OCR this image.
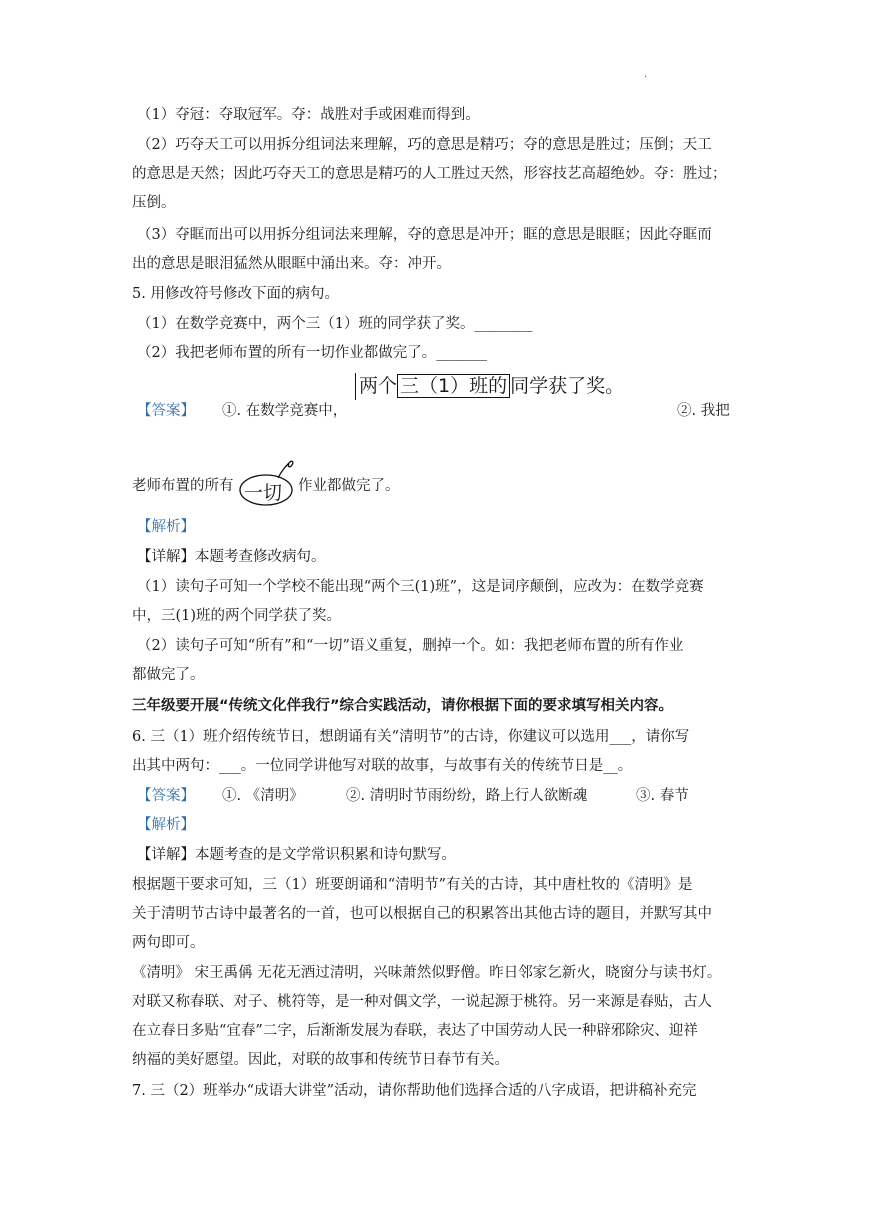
·
（1）夺冠：夺取冠军。夺：战胜对手或困难而得到。
（2）巧夺天工可以用拆分组词法来理解，巧的意思是精巧；夺的意思是胜过；压倒；天工
的意思是天然；因此巧夺天工的意思是精巧的人工胜过天然，形容技艺高超绝妙。夺：胜过；
压倒。
（3）夺眶而出可以用拆分组词法来理解，夺的意思是冲开；眶的意思是眼眶；因此夺眶而
出的意思是眼泪猛然从眼眶中涌出来。夺：冲开。
5. 用修改符号修改下面的病句。
（1）在数学竞赛中，两个三（1）班的同学获了奖。________
（2）我把老师布置的所有一切作业都做完了。_______
两个 三（1）班的 同学获了奖。
【答案】 ①. 在数学竞赛中，	②. 我把
老师布置的所有 一切 作业都做完了。
【解析】
【详解】本题考查修改病句。
（1）读句子可知一个学校不能出现“两个三(1)班”，这是词序颠倒，应改为：在数学竞赛
中，三(1)班的两个同学获了奖。
（2）读句子可知“所有”和“一切”语义重复，删掉一个。如：我把老师布置的所有作业
都做完了。
三年级要开展“传统文化伴我行”综合实践活动，请你根据下面的要求填写相关内容。
6. 三（1）班介绍传统节日，想朗诵有关“清明节”的古诗，你建议可以选用___，请你写
出其中两句：___。一位同学讲他写对联的故事，与故事有关的传统节日是__。
【答案】 ①. 《清明》	②. 清明时节雨纷纷，路上行人欲断魂	③. 春节
【解析】
【详解】本题考查的是文学常识积累和诗句默写。
根据题干要求可知，三（1）班要朗诵和“清明节”有关的古诗，其中唐杜牧的《清明》是
关于清明节古诗中最著名的一首，也可以根据自己的积累答出其他古诗的题目，并默写其中
两句即可。
《清明》 宋王禹偁 无花无酒过清明，兴味萧然似野僧。昨日邻家乞新火，晓窗分与读书灯。
对联又称春联、对子、桃符等，是一种对偶文学，一说起源于桃符。另一来源是春贴，古人
在立春日多贴“宜春”二字，后渐渐发展为春联，表达了中国劳动人民一种辟邪除灾、迎祥
纳福的美好愿望。因此，对联的故事和传统节日春节有关。
7. 三（2）班举办“成语大讲堂”活动，请你帮助他们选择合适的八字成语，把讲稿补充完
